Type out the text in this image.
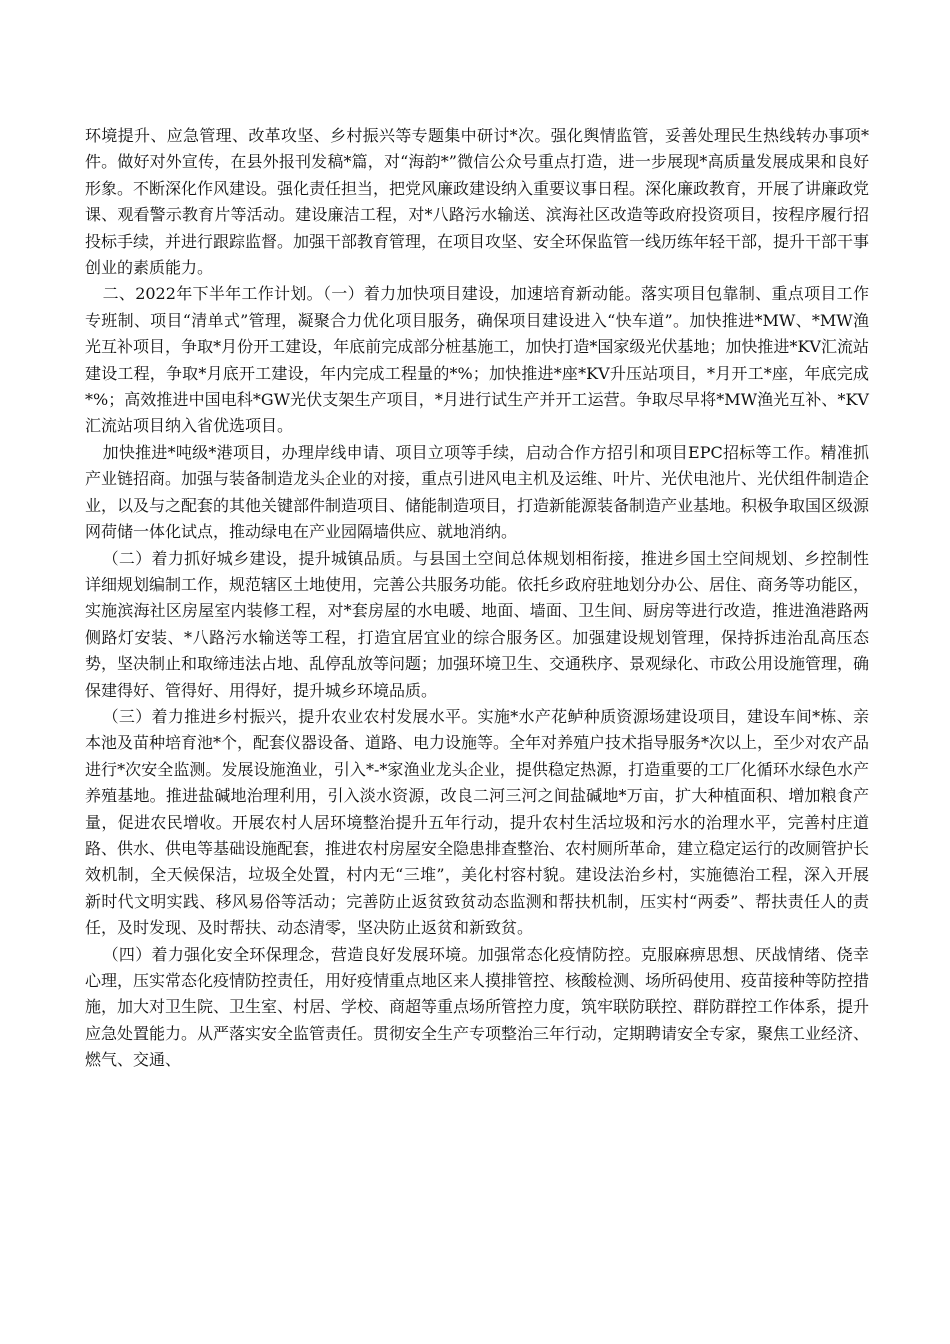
环境提升、应急管理、改革攻坚、乡村振兴等专题集中研讨*次。强化舆情监管，妥善处理民生热线转办事项*件。做好对外宣传，在县外报刊发稿*篇，对“海韵*”微信公众号重点打造，进一步展现*高质量发展成果和良好形象。不断深化作风建设。强化责任担当，把党风廉政建设纳入重要议事日程。深化廉政教育，开展了讲廉政党课、观看警示教育片等活动。建设廉洁工程，对*八路污水输送、滨海社区改造等政府投资项目，按程序履行招投标手续，并进行跟踪监督。加强干部教育管理，在项目攻坚、安全环保监管一线历练年轻干部，提升干部干事创业的素质能力。

二、2022年下半年工作计划。（一）着力加快项目建设，加速培育新动能。落实项目包靠制、重点项目工作专班制、项目“清单式”管理，凝聚合力优化项目服务，确保项目建设进入“快车道”。加快推进*MW、*MW渔光互补项目，争取*月份开工建设，年底前完成部分桩基施工，加快打造*国家级光伏基地；加快推进*KV汇流站建设工程，争取*月底开工建设，年内完成工程量的*%；加快推进*座*KV升压站项目，*月开工*座，年底完成*%；高效推进中国电科*GW光伏支架生产项目，*月进行试生产并开工运营。争取尽早将*MW渔光互补、*KV汇流站项目纳入省优选项目。

加快推进*吨级*港项目，办理岸线申请、项目立项等手续，启动合作方招引和项目EPC招标等工作。精准抓产业链招商。加强与装备制造龙头企业的对接，重点引进风电主机及运维、叶片、光伏电池片、光伏组件制造企业，以及与之配套的其他关键部件制造项目、储能制造项目，打造新能源装备制造产业基地。积极争取国区级源网荷储一体化试点，推动绿电在产业园隔墙供应、就地消纳。

（二）着力抓好城乡建设，提升城镇品质。与县国土空间总体规划相衔接，推进乡国土空间规划、乡控制性详细规划编制工作，规范辖区土地使用，完善公共服务功能。依托乡政府驻地划分办公、居住、商务等功能区，实施滨海社区房屋室内装修工程，对*套房屋的水电暖、地面、墙面、卫生间、厨房等进行改造，推进渔港路两侧路灯安装、*八路污水输送等工程，打造宜居宜业的综合服务区。加强建设规划管理，保持拆违治乱高压态势，坚决制止和取缔违法占地、乱停乱放等问题；加强环境卫生、交通秩序、景观绿化、市政公用设施管理，确保建得好、管得好、用得好，提升城乡环境品质。

（三）着力推进乡村振兴，提升农业农村发展水平。实施*水产花鲈种质资源场建设项目，建设车间*栋、亲本池及苗种培育池*个，配套仪器设备、道路、电力设施等。全年对养殖户技术指导服务*次以上，至少对农产品进行*次安全监测。发展设施渔业，引入*-*家渔业龙头企业，提供稳定热源，打造重要的工厂化循环水绿色水产养殖基地。推进盐碱地治理利用，引入淡水资源，改良二河三河之间盐碱地*万亩，扩大种植面积、增加粮食产量，促进农民增收。开展农村人居环境整治提升五年行动，提升农村生活垃圾和污水的治理水平，完善村庄道路、供水、供电等基础设施配套，推进农村房屋安全隐患排查整治、农村厕所革命，建立稳定运行的改厕管护长效机制，全天候保洁，垃圾全处置，村内无“三堆”，美化村容村貌。建设法治乡村，实施德治工程，深入开展新时代文明实践、移风易俗等活动；完善防止返贫致贫动态监测和帮扶机制，压实村“两委”、帮扶责任人的责任，及时发现、及时帮扶、动态清零，坚决防止返贫和新致贫。

（四）着力强化安全环保理念，营造良好发展环境。加强常态化疫情防控。克服麻痹思想、厌战情绪、侥幸心理，压实常态化疫情防控责任，用好疫情重点地区来人摸排管控、核酸检测、场所码使用、疫苗接种等防控措施，加大对卫生院、卫生室、村居、学校、商超等重点场所管控力度，筑牢联防联控、群防群控工作体系，提升应急处置能力。从严落实安全监管责任。贯彻安全生产专项整治三年行动，定期聘请安全专家，聚焦工业经济、燃气、交通、
